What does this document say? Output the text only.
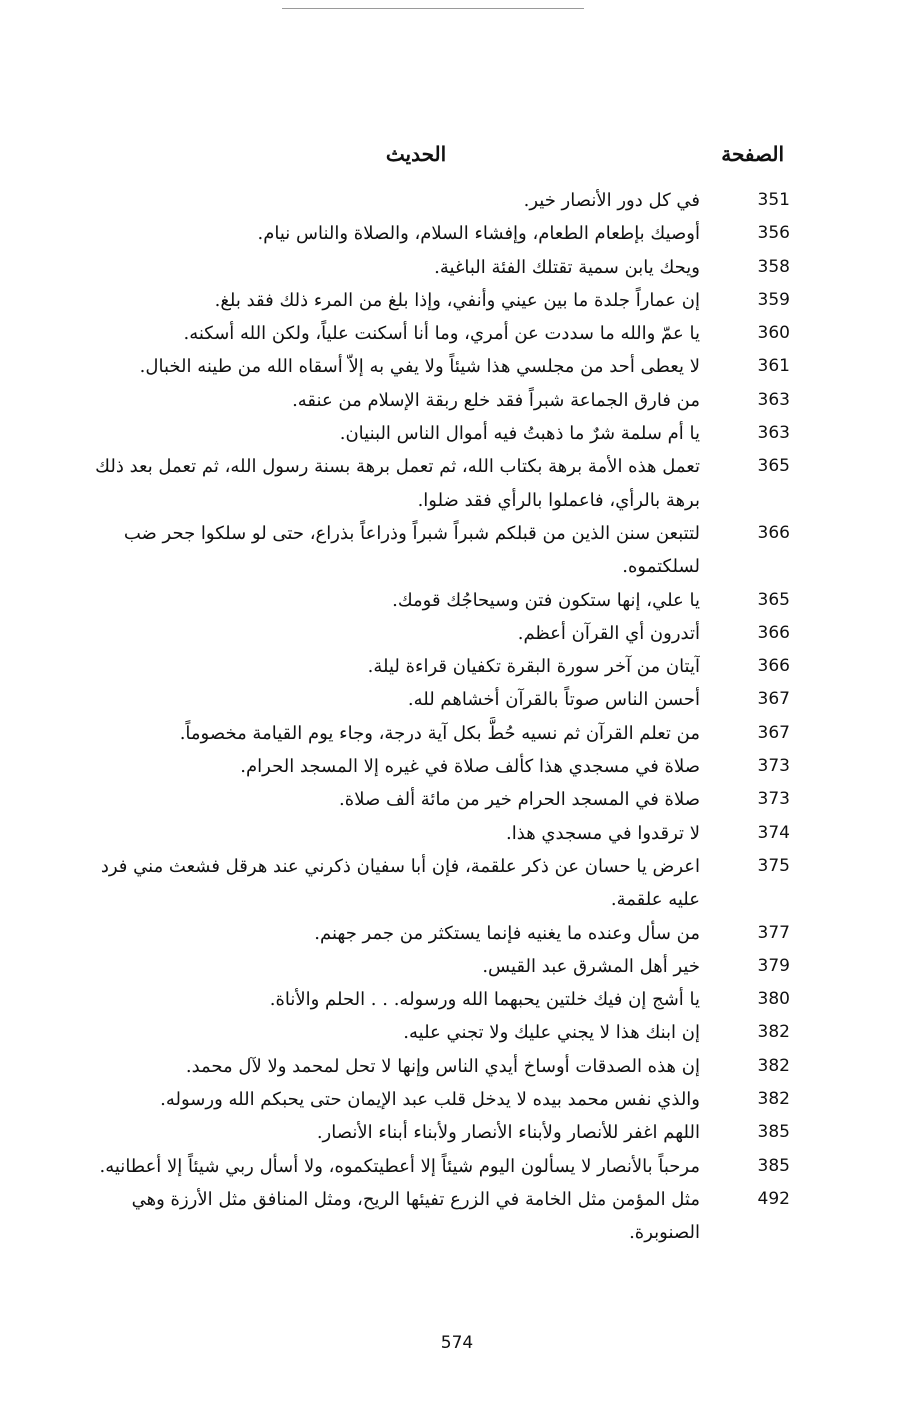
الصفحة
الحديث
351
في كل دور الأنصار خير.
356
أوصيك بإطعام الطعام، وإفشاء السلام، والصلاة والناس نيام.
358
ويحك يابن سمية تقتلك الفئة الباغية.
359
إن عماراً جلدة ما بين عيني وأنفي، وإذا بلغ من المرء ذلك فقد بلغ.
360
يا عمّ والله ما سددت عن أمري، وما أنا أسكنت علياً، ولكن الله أسكنه.
361
لا يعطى أحد من مجلسي هذا شيئاً ولا يفي به إلاّ أسقاه الله من طينه الخبال.
363
من فارق الجماعة شبراً فقد خلع ربقة الإسلام من عنقه.
363
يا أم سلمة شرٌ ما ذهبتُ فيه أموال الناس البنيان.
365
تعمل هذه الأمة برهة بكتاب الله، ثم تعمل برهة بسنة رسول الله، ثم تعمل بعد ذلك
برهة بالرأي، فاعملوا بالرأي فقد ضلوا.
366
لتتبعن سنن الذين من قبلكم شبراً شبراً وذراعاً بذراع، حتى لو سلكوا جحر ضب
لسلكتموه.
365
يا علي، إنها ستكون فتن وسيحاجُك قومك.
366
أتدرون أي القرآن أعظم.
366
آيتان من آخر سورة البقرة تكفيان قراءة ليلة.
367
أحسن الناس صوتاً بالقرآن أخشاهم لله.
367
من تعلم القرآن ثم نسيه حُطَّ بكل آية درجة، وجاء يوم القيامة مخصوماً.
373
صلاة في مسجدي هذا كألف صلاة في غيره إلا المسجد الحرام.
373
صلاة في المسجد الحرام خير من مائة ألف صلاة.
374
لا ترقدوا في مسجدي هذا.
375
اعرض يا حسان عن ذكر علقمة، فإن أبا سفيان ذكرني عند هرقل فشعث مني فرد
عليه علقمة.
377
من سأل وعنده ما يغنيه فإنما يستكثر من جمر جهنم.
379
خير أهل المشرق عبد القيس.
380
يا أشج إن فيك خلتين يحبهما الله ورسوله. . . الحلم والأناة.
382
إن ابنك هذا لا يجني عليك ولا تجني عليه.
382
إن هذه الصدقات أوساخ أيدي الناس وإنها لا تحل لمحمد ولا لآل محمد.
382
والذي نفس محمد بيده لا يدخل قلب عبد الإيمان حتى يحبكم الله ورسوله.
385
اللهم اغفر للأنصار ولأبناء الأنصار ولأبناء أبناء الأنصار.
385
مرحباً بالأنصار لا يسألون اليوم شيئاً إلا أعطيتكموه، ولا أسأل ربي شيئاً إلا أعطانيه.
492
مثل المؤمن مثل الخامة في الزرع تفيئها الريح، ومثل المنافق مثل الأرزة وهي
الصنوبرة.
574
